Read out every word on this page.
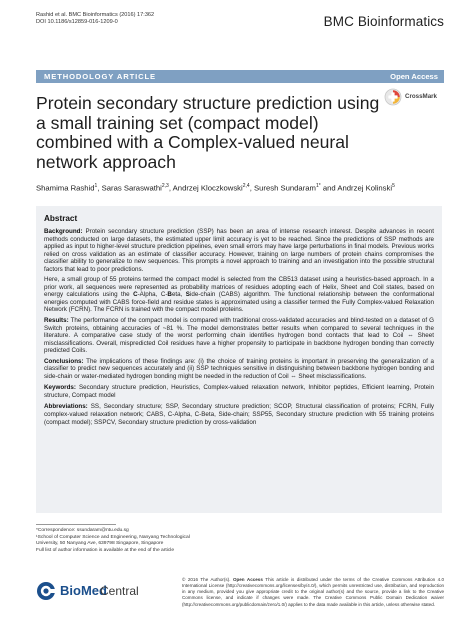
Rashid et al. BMC Bioinformatics (2016) 17:362
DOI 10.1186/s12859-016-1209-0	BMC Bioinformatics
METHODOLOGY ARTICLE	Open Access
CrossMark
Protein secondary structure prediction using a small training set (compact model) combined with a Complex-valued neural network approach
Shamima Rashid$^1$, Saras Saraswathi$^{2,3}$, Andrzej Kloczkowski$^{2,4}$, Suresh Sundaram$^{1*}$ and Andrzej Kolinski$^5$
Abstract

Background: Protein secondary structure prediction (SSP) has been an area of intense research interest. Despite advances in recent methods conducted on large datasets, the estimated upper limit accuracy is yet to be reached. Since the predictions of SSP methods are applied as input to higher-level structure prediction pipelines, even small errors may have large perturbations in final models. Previous works relied on cross validation as an estimate of classifier accuracy. However, training on large numbers of protein chains compromises the classifier ability to generalize to new sequences. This prompts a novel approach to training and an investigation into the possible structural factors that lead to poor predictions.

Here, a small group of 55 proteins termed the compact model is selected from the CB513 dataset using a heuristics-based approach. In a prior work, all sequences were represented as probability matrices of residues adopting each of Helix, Sheet and Coil states, based on energy calculations using the C-Alpha, C-Beta, Side-chain (CABS) algorithm. The functional relationship between the conformational energies computed with CABS force-field and residue states is approximated using a classifier termed the Fully Complex-valued Relaxation Network (FCRN). The FCRN is trained with the compact model proteins.

Results: The performance of the compact model is compared with traditional cross-validated accuracies and blind-tested on a dataset of G Switch proteins, obtaining accuracies of ~81 %. The model demonstrates better results when compared to several techniques in the literature. A comparative case study of the worst performing chain identifies hydrogen bond contacts that lead to Coil ⇔ Sheet misclassifications. Overall, mispredicted Coil residues have a higher propensity to participate in backbone hydrogen bonding than correctly predicted Coils.

Conclusions: The implications of these findings are: (i) the choice of training proteins is important in preserving the generalization of a classifier to predict new sequences accurately and (ii) SSP techniques sensitive in distinguishing between backbone hydrogen bonding and side-chain or water-mediated hydrogen bonding might be needed in the reduction of Coil ⇔ Sheet misclassifications.

Keywords: Secondary structure prediction, Heuristics, Complex-valued relaxation network, Inhibitor peptides, Efficient learning, Protein structure, Compact model

Abbreviations: SS, Secondary structure; SSP, Secondary structure prediction; SCOP, Structural classification of proteins; FCRN, Fully complex-valued relaxation network; CABS, C-Alpha, C-Beta, Side-chain; SSP55, Secondary structure prediction with 55 training proteins (compact model); SSPCV, Secondary structure prediction by cross-validation

*Correspondence: ssundaram@ntu.edu.sg
¹School of Computer Science and Engineering, Nanyang Technological
University, 50 Nanyang Ave, 639798 Singapore, Singapore
Full list of author information is available at the end of the article
BioMed
Central
© 2016 The Author(s). Open Access This article is distributed under the terms of the Creative Commons Attribution 4.0 International License (http://creativecommons.org/licenses/by/4.0/), which permits unrestricted use, distribution, and reproduction in any medium, provided you give appropriate credit to the original author(s) and the source, provide a link to the Creative Commons license, and indicate if changes were made. The Creative Commons Public Domain Dedication waiver (http://creativecommons.org/publicdomain/zero/1.0/) applies to the data made available in this article, unless otherwise stated.
